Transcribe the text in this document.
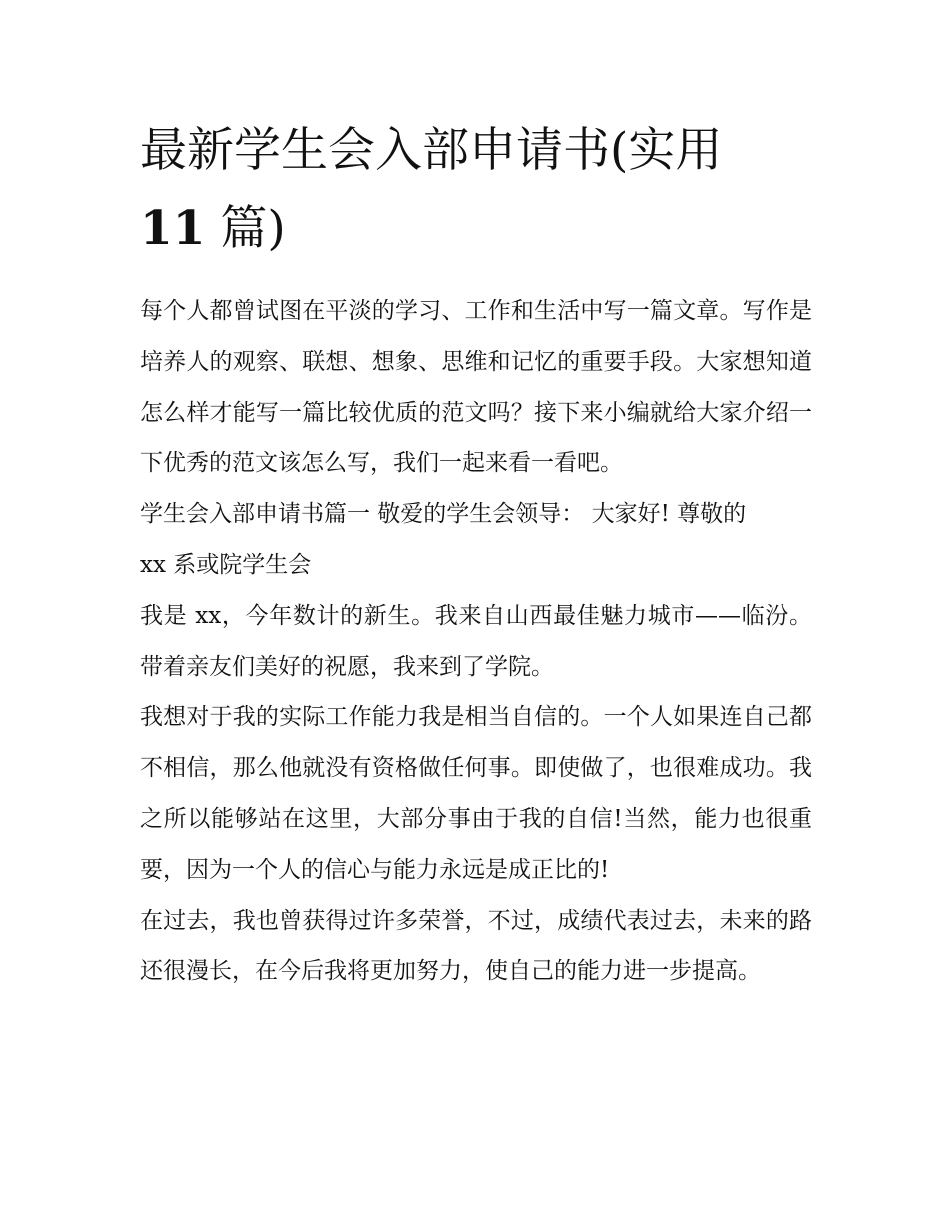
最新学生会入部申请书(实用
11 篇)

每个人都曾试图在平淡的学习、工作和生活中写一篇文章。写作是培养人的观察、联想、想象、思维和记忆的重要手段。大家想知道怎么样才能写一篇比较优质的范文吗？接下来小编就给大家介绍一下优秀的范文该怎么写，我们一起来看一看吧。

学生会入部申请书篇一 敬爱的学生会领导： 大家好! 尊敬的

xx 系或院学生会

我是 xx，今年数计的新生。我来自山西最佳魅力城市——临汾。带着亲友们美好的祝愿，我来到了学院。

我想对于我的实际工作能力我是相当自信的。一个人如果连自己都不相信，那么他就没有资格做任何事。即使做了，也很难成功。我之所以能够站在这里，大部分事由于我的自信!当然，能力也很重要，因为一个人的信心与能力永远是成正比的!

在过去，我也曾获得过许多荣誉，不过，成绩代表过去，未来的路还很漫长，在今后我将更加努力，使自己的能力进一步提高。
